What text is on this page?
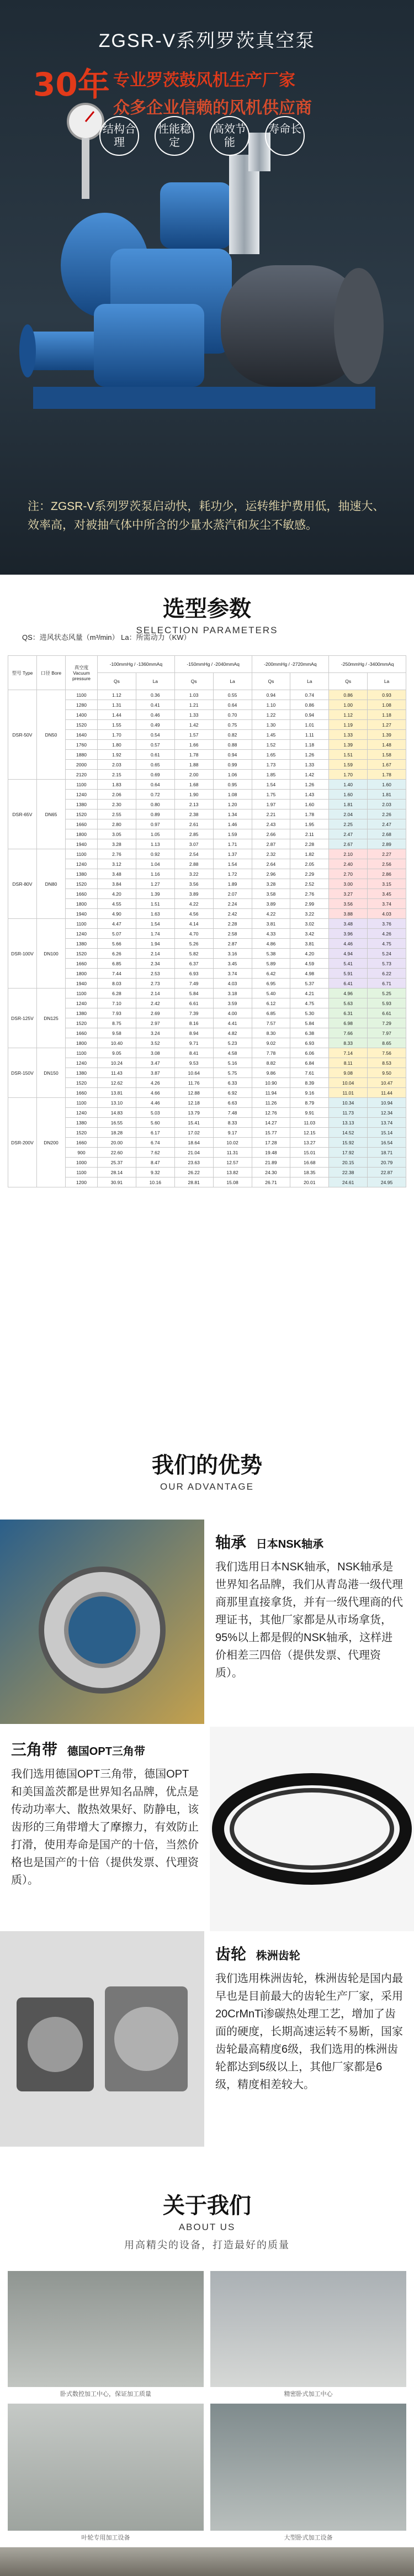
ZGSR-V系列罗茨真空泵
30年 专业罗茨鼓风机生产厂家
众多企业信赖的风机供应商
结构合理
性能稳定
高效节能
寿命长
注：ZGSR-V系列罗茨泵启动快，耗功少，运转维护费用低，抽速大、效率高，对被抽气体中所含的少量水蒸汽和灰尘不敏感。
选型参数
SELECTION PARAMETERS
QS：进风状态风量（m³/min） La：所需动力（KW）
型号 Type	口径 Bore	真空度 Vacuum pressure	-100mmHg / -1360mmAq		-150mmHg / -2040mmAq		-200mmHg / -2720mmAq		-250mmHg / -3400mmAq	
			Qs	La	Qs	La	Qs	La	Qs	La
DSR-50V	DN50	1100	1.12	0.36	1.03	0.55	0.94	0.74	0.86	0.93
		1280	1.31	0.41	1.21	0.64	1.10	0.86	1.00	1.08
		1400	1.44	0.46	1.33	0.70	1.22	0.94	1.12	1.18
		1520	1.55	0.49	1.42	0.75	1.30	1.01	1.19	1.27
		1640	1.70	0.54	1.57	0.82	1.45	1.11	1.33	1.39
		1760	1.80	0.57	1.66	0.88	1.52	1.18	1.39	1.48
		1880	1.92	0.61	1.78	0.94	1.65	1.26	1.51	1.58
		2000	2.03	0.65	1.88	0.99	1.73	1.33	1.59	1.67
		2120	2.15	0.69	2.00	1.06	1.85	1.42	1.70	1.78
DSR-65V	DN65	1100	1.83	0.64	1.68	0.95	1.54	1.26	1.40	1.60
		1240	2.06	0.72	1.90	1.08	1.75	1.43	1.60	1.81
		1380	2.30	0.80	2.13	1.20	1.97	1.60	1.81	2.03
		1520	2.55	0.89	2.38	1.34	2.21	1.78	2.04	2.26
		1660	2.80	0.97	2.61	1.46	2.43	1.95	2.25	2.47
		1800	3.05	1.05	2.85	1.59	2.66	2.11	2.47	2.68
		1940	3.28	1.13	3.07	1.71	2.87	2.28	2.67	2.89
DSR-80V	DN80	1100	2.76	0.92	2.54	1.37	2.32	1.82	2.10	2.27
		1240	3.12	1.04	2.88	1.54	2.64	2.05	2.40	2.56
		1380	3.48	1.16	3.22	1.72	2.96	2.29	2.70	2.86
		1520	3.84	1.27	3.56	1.89	3.28	2.52	3.00	3.15
		1660	4.20	1.39	3.89	2.07	3.58	2.76	3.27	3.45
		1800	4.55	1.51	4.22	2.24	3.89	2.99	3.56	3.74
		1940	4.90	1.63	4.56	2.42	4.22	3.22	3.88	4.03
DSR-100V	DN100	1100	4.47	1.54	4.14	2.28	3.81	3.02	3.48	3.76
		1240	5.07	1.74	4.70	2.58	4.33	3.42	3.96	4.26
		1380	5.66	1.94	5.26	2.87	4.86	3.81	4.46	4.75
		1520	6.26	2.14	5.82	3.16	5.38	4.20	4.94	5.24
		1660	6.85	2.34	6.37	3.45	5.89	4.59	5.41	5.73
		1800	7.44	2.53	6.93	3.74	6.42	4.98	5.91	6.22
		1940	8.03	2.73	7.49	4.03	6.95	5.37	6.41	6.71
DSR-125V	DN125	1100	6.28	2.14	5.84	3.18	5.40	4.21	4.96	5.25
		1240	7.10	2.42	6.61	3.59	6.12	4.75	5.63	5.93
		1380	7.93	2.69	7.39	4.00	6.85	5.30	6.31	6.61
		1520	8.75	2.97	8.16	4.41	7.57	5.84	6.98	7.29
		1660	9.58	3.24	8.94	4.82	8.30	6.38	7.66	7.97
		1800	10.40	3.52	9.71	5.23	9.02	6.93	8.33	8.65
DSR-150V	DN150	1100	9.05	3.08	8.41	4.58	7.78	6.06	7.14	7.56
		1240	10.24	3.47	9.53	5.16	8.82	6.84	8.11	8.53
		1380	11.43	3.87	10.64	5.75	9.86	7.61	9.08	9.50
		1520	12.62	4.26	11.76	6.33	10.90	8.39	10.04	10.47
		1660	13.81	4.66	12.88	6.92	11.94	9.16	11.01	11.44
DSR-200V	DN200	1100	13.10	4.46	12.18	6.63	11.26	8.79	10.34	10.94
		1240	14.83	5.03	13.79	7.48	12.76	9.91	11.73	12.34
		1380	16.55	5.60	15.41	8.33	14.27	11.03	13.13	13.74
		1520	18.28	6.17	17.02	9.17	15.77	12.15	14.52	15.14
		1660	20.00	6.74	18.64	10.02	17.28	13.27	15.92	16.54
		900	22.60	7.62	21.04	11.31	19.48	15.01	17.92	18.71
		1000	25.37	8.47	23.63	12.57	21.89	16.68	20.15	20.79
		1100	28.14	9.32	26.22	13.82	24.30	18.35	22.38	22.87
		1200	30.91	10.16	28.81	15.08	26.71	20.01	24.61	24.95
我们的优势
OUR ADVANTAGE
轴承 日本NSK轴承
我们选用日本NSK轴承，NSK轴承是世界知名品牌，我们从青岛港一级代理商那里直接拿货，并有一级代理商的代理证书，其他厂家都是从市场拿货，95%以上都是假的NSK轴承，这样进价相差三四倍（提供发票、代理资质）。
三角带 德国OPT三角带
我们选用德国OPT三角带，德国OPT和美国盖茨都是世界知名品牌，优点是传动功率大、散热效果好、防静电，该齿形的三角带增大了摩擦力，有效防止打滑，使用寿命是国产的十倍，当然价格也是国产的十倍（提供发票、代理资质）。
齿轮 株洲齿轮
我们选用株洲齿轮，株洲齿轮是国内最早也是目前最大的齿轮生产厂家，采用20CrMnTi渗碳热处理工艺，增加了齿面的硬度，长期高速运转不易断，国家齿轮最高精度6级，我们选用的株洲齿轮都达到5级以上，其他厂家都是6级，精度相差较大。
关于我们
ABOUT US
用高精尖的设备，打造最好的质量
卧式数控加工中心，保证加工质量	精密卧式加工中心
叶轮专用加工设备	大型卧式加工设备
